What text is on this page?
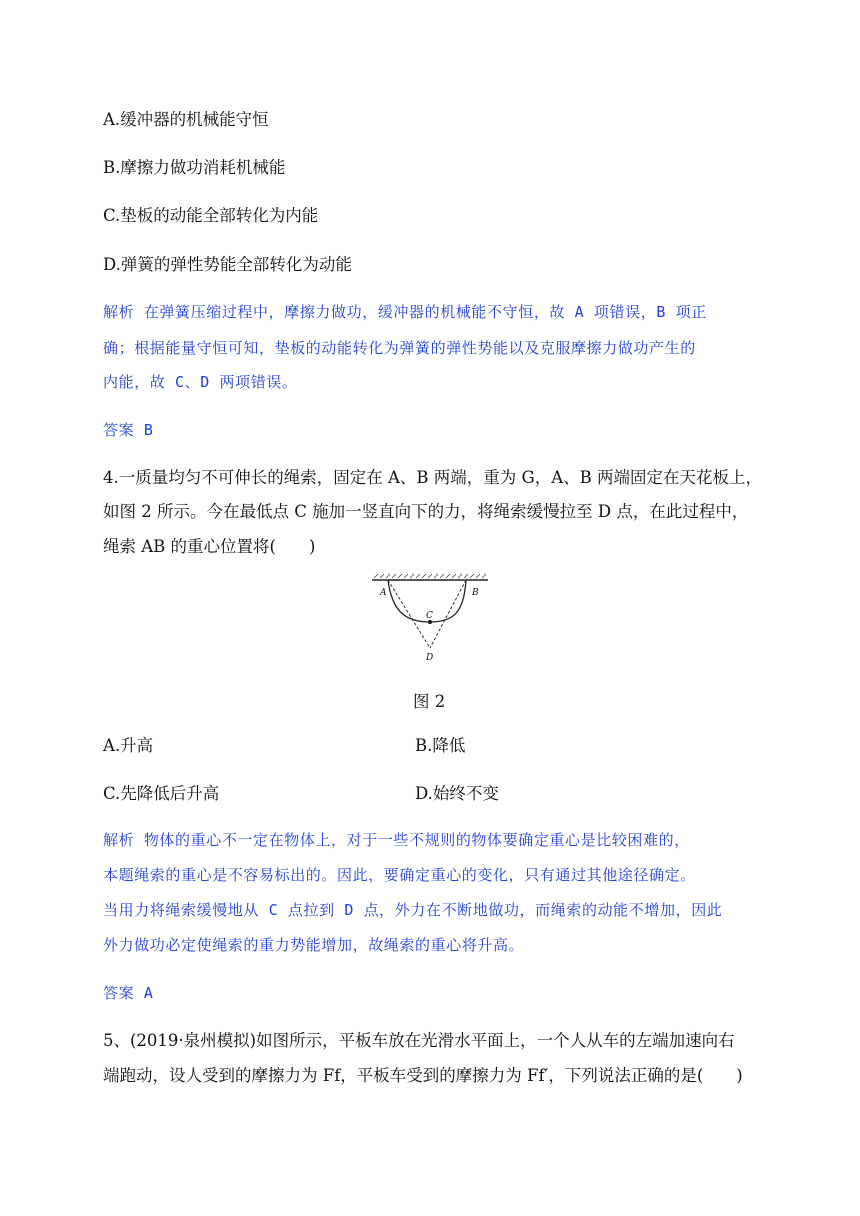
A.缓冲器的机械能守恒
B.摩擦力做功消耗机械能
C.垫板的动能全部转化为内能
D.弹簧的弹性势能全部转化为动能
解析 在弹簧压缩过程中，摩擦力做功，缓冲器的机械能不守恒，故 A 项错误，B 项正
确；根据能量守恒可知，垫板的动能转化为弹簧的弹性势能以及克服摩擦力做功产生的
内能，故 C、D 两项错误。
答案 B
4.一质量均匀不可伸长的绳索，固定在 A、B 两端，重为 G，A、B 两端固定在天花板上，
如图 2 所示。今在最低点 C 施加一竖直向下的力，将绳索缓慢拉至 D 点，在此过程中，
绳索 AB 的重心位置将(　　)
A	B
C
D
图 2
A.升高	B.降低
C.先降低后升高	D.始终不变
解析 物体的重心不一定在物体上，对于一些不规则的物体要确定重心是比较困难的，
本题绳索的重心是不容易标出的。因此，要确定重心的变化，只有通过其他途径确定。
当用力将绳索缓慢地从 C 点拉到 D 点，外力在不断地做功，而绳索的动能不增加，因此
外力做功必定使绳索的重力势能增加，故绳索的重心将升高。
答案 A
5、(2019·泉州模拟)如图所示，平板车放在光滑水平面上，一个人从车的左端加速向右
端跑动，设人受到的摩擦力为 Ff，平板车受到的摩擦力为 Ff′，下列说法正确的是(　　)
